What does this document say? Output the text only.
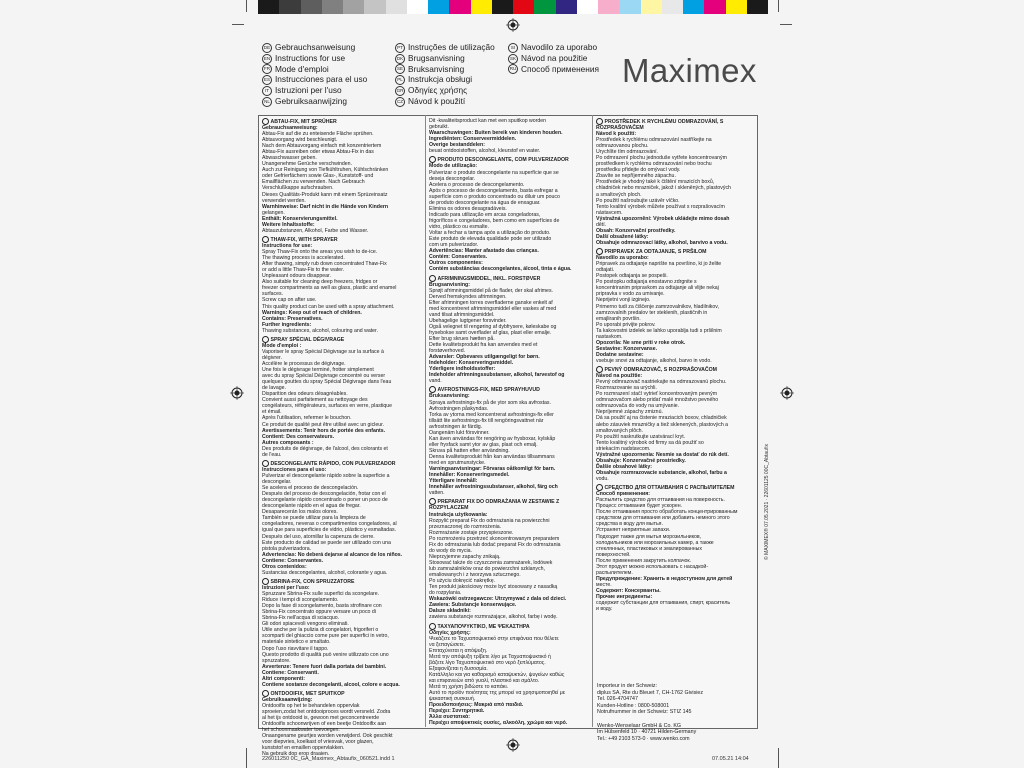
DE Gebrauchsanweisung
EN Instructions for use
FR Mode d'emploi
ES Instrucciones para el uso
IT Istruzioni per l'uso
NL Gebruiksaanwijzing
PT Instruções de utilização
DK Brugsanvisning
SE Bruksanvisning
PL Instrukcja obsługi
GR Οδηγίες χρήσης
CZ Návod k použití
SI Navodilo za uporabo
SK Návod na použitie
RU Способ применения Maximex
ABTAU-FIX, MIT SPRÜHER
Gebrauchsanweisung:
Abtau-Fix auf die zu enteisende Fläche sprühen.
Abtauvorgang wird beschleunigt.
Nach dem Abtauvorgang einfach mit konzentriertem
Abtau-Fix ausreiben oder etwas Abtau-Fix in das
Abwaschwasser geben.
Unangenehme Gerüche verschwinden.
Auch zur Reinigung von Tiefkühltruhen, Kühlschränken
oder Gefrierfächern sowie Glas-, Kunststoff- und
Emailflächen zu verwenden. Nach Gebrauch
Verschlußkappe aufschrauben.
Dieses Qualitäts-Produkt kann mit einem Sprüzeinsatz
verwendet werden.
Warnhinweise: Darf nicht in die Hände von Kindern
gelangen.
Enthält: Konservierungsmittel.
Weitere Inhaltsstoffe:
Abtauzubstanzen, Alkohol, Farbe und Wasser.
THAW-FIX, WITH SPRAYER
Instructions for use:
Spray Thaw-Fix onto the areas you wish to de-ice.
The thawing process is accelerated.
After thawing, simply rub down concentrated Thaw-Fix
or add a little Thaw-Fix to the water.
Unpleasant odours disappear.
Also suitable for cleaning deep freezers, fridges or
freezer compartments as well as glass, plastic and enamel
surfaces.
Screw cap on after use.
This quality product can be used with a spray attachment.
Warnings: Keep out of reach of children.
Contains: Preservatives.
Further ingredients:
Thawing substances, alcohol, colouring and water.
SPRAY SPÉCIAL DÉGIVRAGE
Mode d'emploi :
Vaporiser le spray Spécial Dégivrage sur la surface à
dégivrer.
Accélère le processus de dégivrage.
Une fois le dégivrage terminé, frotter simplement
avec du spray Spécial Dégivrage concentré ou verser
quelques gouttes du spray Spécial Dégivrage dans l'eau
de lavage.
Disparition des odeurs désagréables.
Convient aussi parfaitement au nettoyage des
congélateurs, réfrigérateurs, surfaces en verre, plastique
et émail.
Après l'utilisation, refermer le bouchon.
Ce produit de qualité peut être utilisé avec un gicleur.
Avertissements: Tenir hors de portée des enfants.
Contient: Des conservateurs.
Autres composants :
Des produits de dégivrage, de l'alcool, des colorants et
de l'eau.
DESCONGELANTE RÁPIDO, CON PULVERIZADOR
Instrucciones para el uso:
Pulverizar el descongelante rápido sobre la superficie a
descongelar.
Se acelera el proceso de descongelación.
Después del proceso de descongelación, frotar con el
descongelante rápido concentrado o poner un poco de
descongelante rápido en el agua de fregar.
Desaparecerán los malos olores.
También se puede utilizar para la limpieza de
congeladores, neveras o compartimentos congeladores, al
igual que para superficies de vidrio, plástico y esmaltadas.
Después del uso, atornillar la caperuza de cierre.
Este producto de calidad se puede ser utilizado con una
pistola pulverizadora.
Advertencias: No deberá dejarse al alcance de los niños.
Contiene: Conservantes.
Otros contenidos:
Sustancias descongelantes, alcohol, colorante y agua.
SBRINA-FIX, CON SPRUZZATORE
Istruzioni per l'uso:
Spruzzare Sbrina-Fix sulle superfici da scongelare.
Riduce i tempi di scongelamento.
Dopo la fase di scongelamento, basta strofinare con
Sbrina-Fix concentrato oppure versare un poco di
Sbrina-Fix nell'acqua di sciacquo.
Gli odori spiacevoli vengono eliminati.
Utile anche per la pulizia di congelatori, frigoriferi o
scomparti del ghiaccio come pure per superfici in vetro,
materiale sintetico e smaltato.
Dopo l'uso riavvitare il tappo.
Questo prodotto di qualità può venire utilizzato con uno
spruzzatore.
Avvertenze: Tenere fuori dalla portata dei bambini.
Contiene: Conservanti.
Altri componenti:
Contiene sostanze decongelanti, alcool, colore e acqua.
ONTDOOIFIX, MET SPUITKOP
Gebruiksaanwijzing:
Ontdooifix op het te behandelen oppervlak
sproeien,zodat het ontdooiproces wordt versneld. Zodra
al het ijs ontdooid is, gewoon met geconcentreerde
Ontdooifix schoonwrijven of een beetje Ontdooifix aan
het schoonmaakwater toevoegen.
Onaangename geurtjes worden verwijderd. Ook geschikt
voor diepvries, koelkast of vriesvak, voor glazen,
kunststof en emaillen oppervlakken.
Na gebruik dop erop draaien.
Dit -kwaliteitsproduct kan met een spuitkop worden
gebruikt.
Waarschuwingen: Buiten bereik van kinderen houden.
Ingrediënten: Conserveermiddelen.
Overige bestanddelen:
beuat ontdooistoffen, alcohol, kleurstof en water.
PRODUTO DESCONGELANTE, COM PULVERIZADOR
Modo de utilização:
Pulverizar o produto descongelante na superfície que se
deseja descongelar.
Acelera o processo de descongelamento.
Após o processo de descongelamento, basta esfregar a
superfície com o produto concentrado ou diluir um pouco
de produto descongelante na água de enxaguar.
Elimina os odores desagradáveis.
Indicado para utilização em arcas congeladoras,
frigoríficos e congeladores, bem como em superfícies de
vidro, plástico ou esmalte.
Voltar a fechar a tampa após a utilização do produto.
Este produto de elevada qualidade pode ser utilizado
com um pulverizador.
Advertências: Manter afastado das crianças.
Contém: Conservantes.
Outros componentes:
Contém substâncias descongelantes, álcool, tinta e água.
AFRIMNINGSMIDDEL, INKL. FORSTØVER
Brugsanvisning:
Sprøjt afrimningsmiddel på de flader, der skal afrimes.
Derved fremskyndes afrimningen.
Efter afrimningen torres overfladerne ganske enkelt af
med koncentreret afrimningsmiddel eller vaskes af med
vand tilsat afrimningsmiddel.
Ubehagelige lugtgener forsvinder.
Også velegnet til rengøring af dybfrysere, køleskabe og
frysebokse samt overflader af glas, plast eller emalje.
Efter brug skrues hætten på.
Dette kvalitetsprodukt fra kan anvendes med et
forstøverhoved.
Advarsler: Opbevares utilgængeligt for børn.
Indeholder: Konserveringsmiddel.
Yderligere indholdsstoffer:
Indeholder afrimningssubstanser, alkohol, farvestof og
vand.
AVFROSTNINGS-FIX, MED SPRAYHUVUD
Bruksanvisning:
Spraya avfrostnings-fix på de ytor som ska avfrostas.
Avfrostningen påskyndas.
Torka av ytorna med koncentrerat avfrostnings-fix eller
tillsätt lite avfrostnings-fix till rengöringsvattnet när
avfrostningen är färdig.
Oangenäm lukt försvinner.
Kan även användas för rengöring av frysboxar, kylskåp
eller frysfack samt ytor av glas, plast och emalj.
Skruva på hatten efter användning.
Denna kvalitetsprodukt från kan användas tillsammans
med en sprutmunstycke.
Varningsanvisningar: Förvaras oåtkomligt för barn.
Innehåller: Konserveringsmedel.
Ytterligare innehåll:
Innehåller avfrostningssubstanser, alkohol, färg och
vatten.
PREPARAT FIX DO ODMRAŻANIA W ZESTAWIE Z ROZPYLACZEM
Instrukcja użytkowania:
Rozpylić preparat Fix do odmrażania na powierzchni
przeznaczonej do rozmrożenia.
Rozmrażanie zostaje przyspieszone.
Po rozmrożeniu przetrzeć skoncentrowanym preparatem
Fix do odmrażania lub dodać preparat Fix do odmrażania
do wody do mycia.
Nieprzyjemne zapachy znikają.
Stosować także do czyszczenia zamrażarek, lodówek
lub zamrażalników oraz do powierzchni szklanych,
emaliowanych i z tworzywa sztucznego.
Po użyciu dokręcić nakrętkę.
Ten produkt jakościowy może być stosowany z nasadką
do rozpylania.
Wskazówki ostrzegawcze: Utrzymywać z dala od dzieci.
Zawiera: Substancje konserwujące.
Dalsze składniki:
zawiera substancje rozmrażające, alkohol, farbę i wodę.
ΤΑΧΥΑΠΟΨΥΚΤΙΚΟ, ΜΕ ΨΕΚΑΣΤΗΡΑ
Οδηγίες χρήσης:
Ψεκάζετε το Ταχυαποψυκτικό στην επιφάνεια που θέλετε
να ξεπαγώσετε.
Επιταχύνεται η απόψυξη.
Μετά την απόψυξη τρίβετε λίγο με Ταχυαποψυκτικό ή
βάζετε λίγο Ταχυαποψυκτικό στο νερό ξεπλύματος.
Εξαφανίζεται η δυσοσμία.
Κατάλληλο και για καθαρισμό καταψυκτών, ψυγείων καθώς
και επιφανειών από γυαλί, πλαστικό και σμάλτο.
Μετά τη χρήση βιδώστε το καπάκι.
Αυτό το προϊόν ποιότητας της μπορεί να χρησιμοποιηθεί με
ψεκαστική συσκευή.
Προειδοποιήσεις: Μακριά από παιδιά.
Περιέχει: Συντηρητικά.
Άλλα συστατικά:
Περιέχει αποψυκτικές ουσίες, αλκοόλη, χρώμα και νερό.
PROSTŘEDEK K RYCHLÉMU ODMRAZOVÁNÍ, S ROZPRAŠOVAČEM
Návod k použití:
Prostředek k rychlému odmrazování nastříkejte na
odmrazovanou plochu.
Urychlíte tím odmrazování.
Po odmrazení plochu jednoduše vytřete koncentrovaným
prostředkem k rychlému odmrazování nebo trochu
prostředku přidejte do omývací vody.
Zbavíte se nepříjemného zápachu.
Prostředek je vhodný také k čištění mrazicích boxů,
chladniček nebo mrazniček, jakož i skleněných, plastových
a smaltových ploch.
Po použití našroubujte uzávěr víčko.
Tento kvalitní výrobek můžete používat s rozprašovacím
nástavcem.
Výstražná upozornění: Výrobek ukládejte mimo dosah
dětí.
Obsah: Konzervační prostředky.
Další obsažené látky:
Obsahuje odmrazovací látky, alkohol, barvivo a vodu.
PRIPRAVEK ZA ODTAJANJE, S PRŠILOM
Navodilo za uporabo:
Pripravek za odtajanje naprište na površino, ki jo želite
odtajati.
Postopek odtajanja se pospeši.
Po postopku odtajanja enostavno zdrgnite s
koncentriranim pripravkom za odtajanje ali vlijte nekaj
pripravka v vodo za umivanje.
Neprijetni vonji izginejo.
Primerno tudi za čiščenje zamrzovalnikov, hladilnikov,
zamrzovalnih predalov ter steklenih, plastičnih in
emajliranih površin.
Po uporabi privijte pokrov.
Ta kakovostni izdelek se lahko uporablja tudi s pršilnim
nastavkom.
Opozorila: Ne sme priti v roke otrok.
Sestavine: Konzervanse.
Dodatne sestavine:
vsebuje snovi za odtajanje, alkohol, barvo in vodo.
PEVNÝ ODMRAZOVAČ, S ROZPRAŠOVAČOM
Návod na použitie:
Pevný odmrazovač nastriekajte na odmrazovanú plochu.
Rozmrazovanie sa urýchli.
Po rozmrazení stačí vytrieť koncentrovaným pevným
odmrazovačom alebo pridať malé množstvo pevného
odmrazovača do vody na umývanie.
Nepríjemné zápachy zmiznú.
Dá sa použiť aj na čistenie mraziacich boxov, chladničiek
alebo zásuviek mrazničky a tiež sklenených, plastových a
smaltovaných plôch.
Po použití naskrutkujte uzatvárací kryt.
Tento kvalitný výrobok od firmy sa dá použiť so
striekacím nadstavcom.
Výstražné upozornenia: Nesmie sa dostať do rúk detí.
Obsahuje: Konzervačné prostriedky.
Ďalšie obsahové látky:
Obsahuje rozmrazovacie substancie, alkohol, farbu a
vodu.
СРЕДСТВО ДЛЯ ОТТАИВАНИЯ С РАСПЫЛИТЕЛЕМ
Способ применения:
Распылить средство для оттаивания на поверхность.
Процесс оттаивания будет ускорен.
После оттаивания просто обработать концентрированным
средством для оттаивания или добавить немного этого
средства в воду для мытья.
Устраняет неприятные запахи.
Подходит также для мытья морозильников,
холодильников или морозильных камер, а также
стеклянных, пластиковых и эмалированных
поверхностей.
После применения закрутить колпачок.
Этот продукт можно использовать с насадкой-
распылителем.
Предупреждение: Хранить в недоступном для детей
месте.
Содержит: Консерванты.
Прочие ингредиенты:
содержит субстанции для оттаивания, спирт, краситель
и воду.
Importeur in der Schweiz:
diplus SA, Rte du Bleuet 7, CH-1762 Givisiez
Tel. 026-4704747
Kunden-Hotline : 0800-508001
Notrufnummer in der Schweiz: STIZ 145

Wenko-Wenselaar GmbH & Co. KG
Im Hülsenfeld 10 · 40721 Hilden-Germany
Tel.: +49 2103 573-0 · www.wenko.com
© MAXIMEX® 07.05.2021 · 22601125 00C_Abtaufix
226011250 0C_GA_Maximex_Abtaufix_060521.indd 1	07.05.21 14:04
